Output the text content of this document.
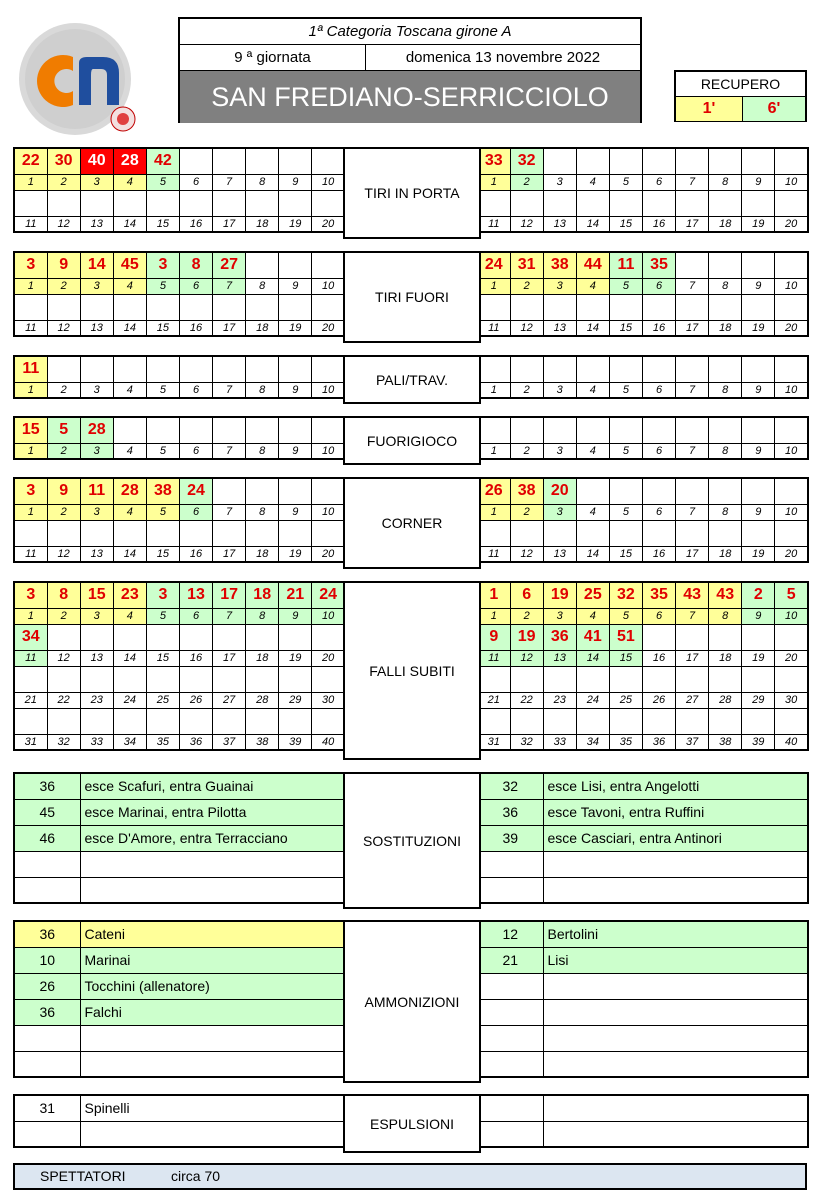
1ª Categoria Toscana girone A
9 ª giornata	domenica 13 novembre 2022
SAN FREDIANO-SERRICCIOLO	RECUPERO
1'	6'
22	30	40	28	42					
1	2	3	4	5	6	7	8	9	10

11	12	13	14	15	16	17	18	19	20
33	32								
1	2	3	4	5	6	7	8	9	10

11	12	13	14	15	16	17	18	19	20
TIRI IN PORTA
3	9	14	45	3	8	27			
1	2	3	4	5	6	7	8	9	10

11	12	13	14	15	16	17	18	19	20
24	31	38	44	11	35				
1	2	3	4	5	6	7	8	9	10

11	12	13	14	15	16	17	18	19	20
TIRI FUORI
11									
1	2	3	4	5	6	7	8	9	10
										1	2	3	4	5	6	7	8	9	10
PALI/TRAV.
15	5	28							
1	2	3	4	5	6	7	8	9	10
										1	2	3	4	5	6	7	8	9	10
FUORIGIOCO
3	9	11	28	38	24				
1	2	3	4	5	6	7	8	9	10

11	12	13	14	15	16	17	18	19	20
26	38	20							
1	2	3	4	5	6	7	8	9	10

11	12	13	14	15	16	17	18	19	20
CORNER
3	8	15	23	3	13	17	18	21	24
1	2	3	4	5	6	7	8	9	10
34									
11	12	13	14	15	16	17	18	19	20

21	22	23	24	25	26	27	28	29	30

31	32	33	34	35	36	37	38	39	40
1	6	19	25	32	35	43	43	2	5
1	2	3	4	5	6	7	8	9	10
9	19	36	41	51					
11	12	13	14	15	16	17	18	19	20

21	22	23	24	25	26	27	28	29	30

31	32	33	34	35	36	37	38	39	40
FALLI SUBITI
36	esce Scafuri, entra Guainai
45	esce Marinai, entra Pilotta
46	esce D'Amore, entra Terracciano

32	esce Lisi, entra Angelotti
36	esce Tavoni, entra Ruffini
39	esce Casciari, entra Antinori

SOSTITUZIONI
36	Cateni
10	Marinai
26	Tocchini (allenatore)
36	Falchi

12	Bertolini
21	Lisi

AMMONIZIONI
31	Spinelli

ESPULSIONI
SPETTATORI	circa 70
